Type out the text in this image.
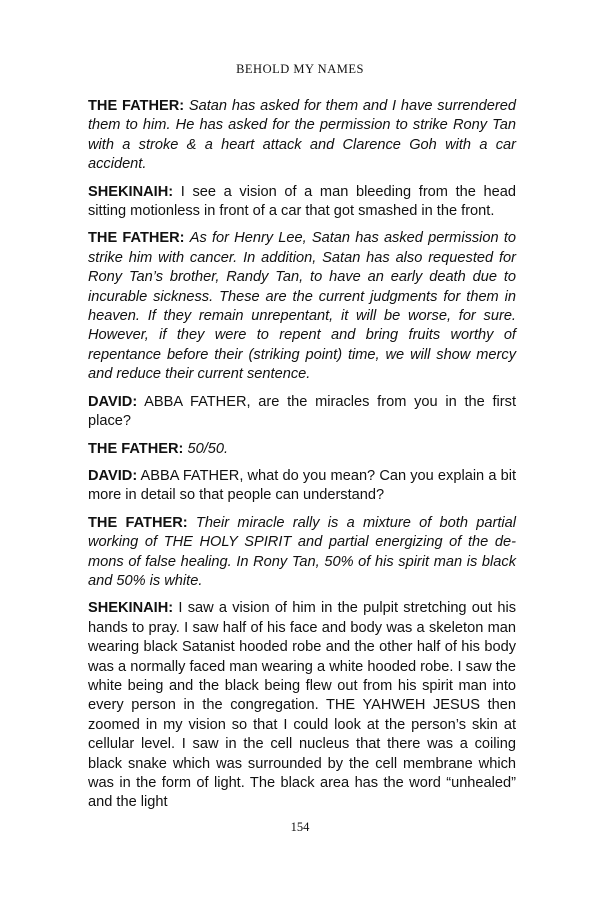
BEHOLD MY NAMES

THE FATHER: Satan has asked for them and I have surrendered them to him. He has asked for the permission to strike Rony Tan with a stroke & a heart attack and Clarence Goh with a car accident.

SHEKINAIH: I see a vision of a man bleeding from the head sitting motionless in front of a car that got smashed in the front.

THE FATHER: As for Henry Lee, Satan has asked permission to strike him with cancer. In addition, Satan has also requested for Rony Tan’s brother, Randy Tan, to have an early death due to incurable sickness. These are the current judgments for them in heaven. If they remain unrepentant, it will be worse, for sure. However, if they were to repent and bring fruits worthy of repentance before their (striking point) time, we will show mercy and reduce their current sentence.

DAVID: ABBA FATHER, are the miracles from you in the first place?

THE FATHER: 50/50.

DAVID: ABBA FATHER, what do you mean? Can you explain a bit more in detail so that people can understand?

THE FATHER: Their miracle rally is a mixture of both partial working of THE HOLY SPIRIT and partial energizing of the demons of false healing. In Rony Tan, 50% of his spirit man is black and 50% is white.

SHEKINAIH: I saw a vision of him in the pulpit stretching out his hands to pray. I saw half of his face and body was a skeleton man wearing black Satanist hooded robe and the other half of his body was a normally faced man wearing a white hooded robe. I saw the white being and the black being flew out from his spirit man into every person in the congregation. THE YAHWEH JESUS then zoomed in my vision so that I could look at the person’s skin at cellular level. I saw in the cell nucleus that there was a coiling black snake which was surrounded by the cell membrane which was in the form of light. The black area has the word “unhealed” and the light

154
